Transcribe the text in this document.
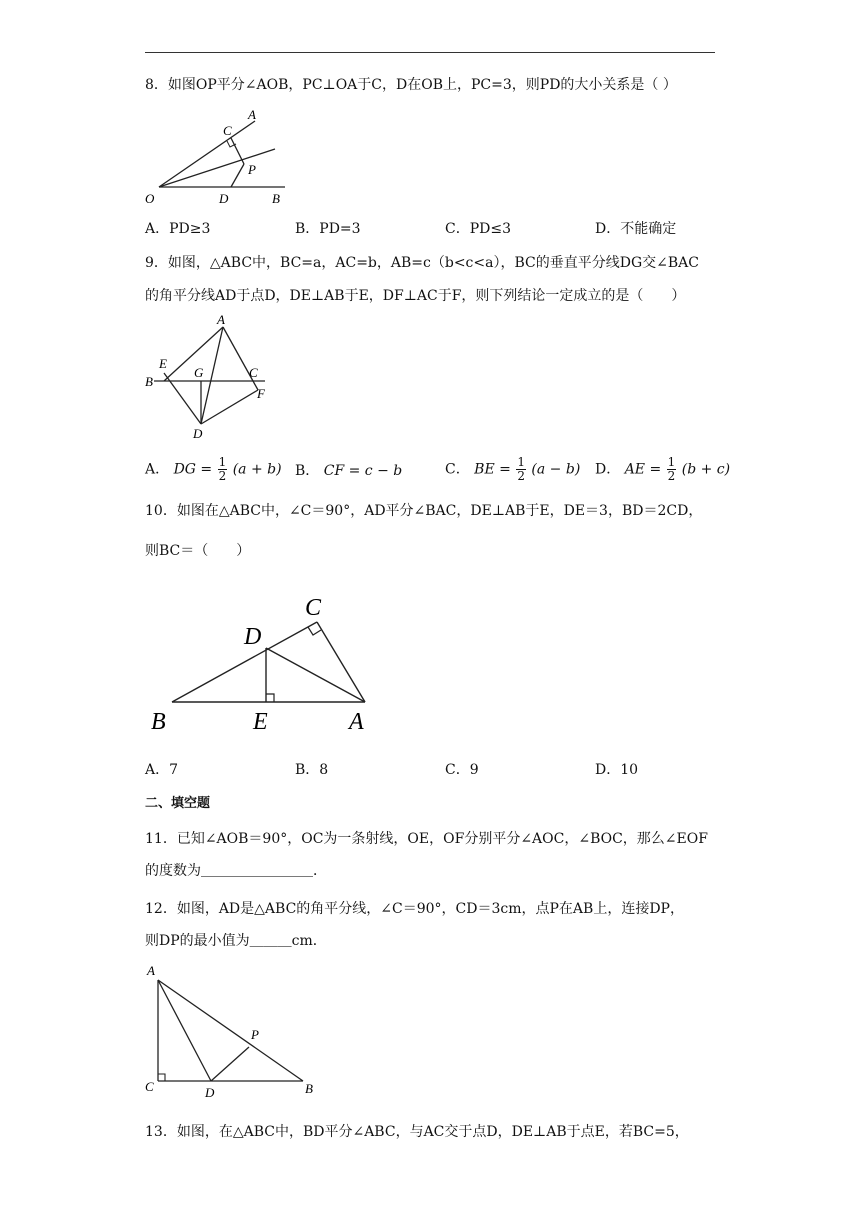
8．如图OP平分∠AOB，PC⊥OA于C，D在OB上，PC=3，则PD的大小关系是（ ）
A
C
P
O	D	B
A．PD≥3	B．PD=3	C．PD≤3	D．不能确定
9．如图，△ABC中，BC=a，AC=b，AB=c（b<c<a），BC的垂直平分线DG交∠BAC
的角平分线AD于点D，DE⊥AB于E，DF⊥AC于F，则下列结论一定成立的是（　　）
A
E
B
G	C
F
D
A． DG = $\frac{1}{2} (a + b)$ B． CF = c − b	C． BE = $\frac{1}{2} (a - b)$ D． AE = $\frac{1}{2} (b + c)$
10．如图在△ABC中，∠C＝90°，AD平分∠BAC，DE⊥AB于E，DE＝3，BD＝2CD，
则BC＝（　　）
C
D
B	E	A
A．7	B．8	C．9	D．10
二、填空题
11．已知∠AOB＝90°，OC为一条射线，OE，OF分别平分∠AOC，∠BOC，那么∠EOF
的度数为＿＿＿＿＿＿＿＿．
12．如图，AD是△ABC的角平分线，∠C＝90°，CD＝3cm，点P在AB上，连接DP，
则DP的最小值为＿＿＿cm．
A
P
C	D	B
13．如图，在△ABC中，BD平分∠ABC，与AC交于点D，DE⊥AB于点E，若BC=5，
